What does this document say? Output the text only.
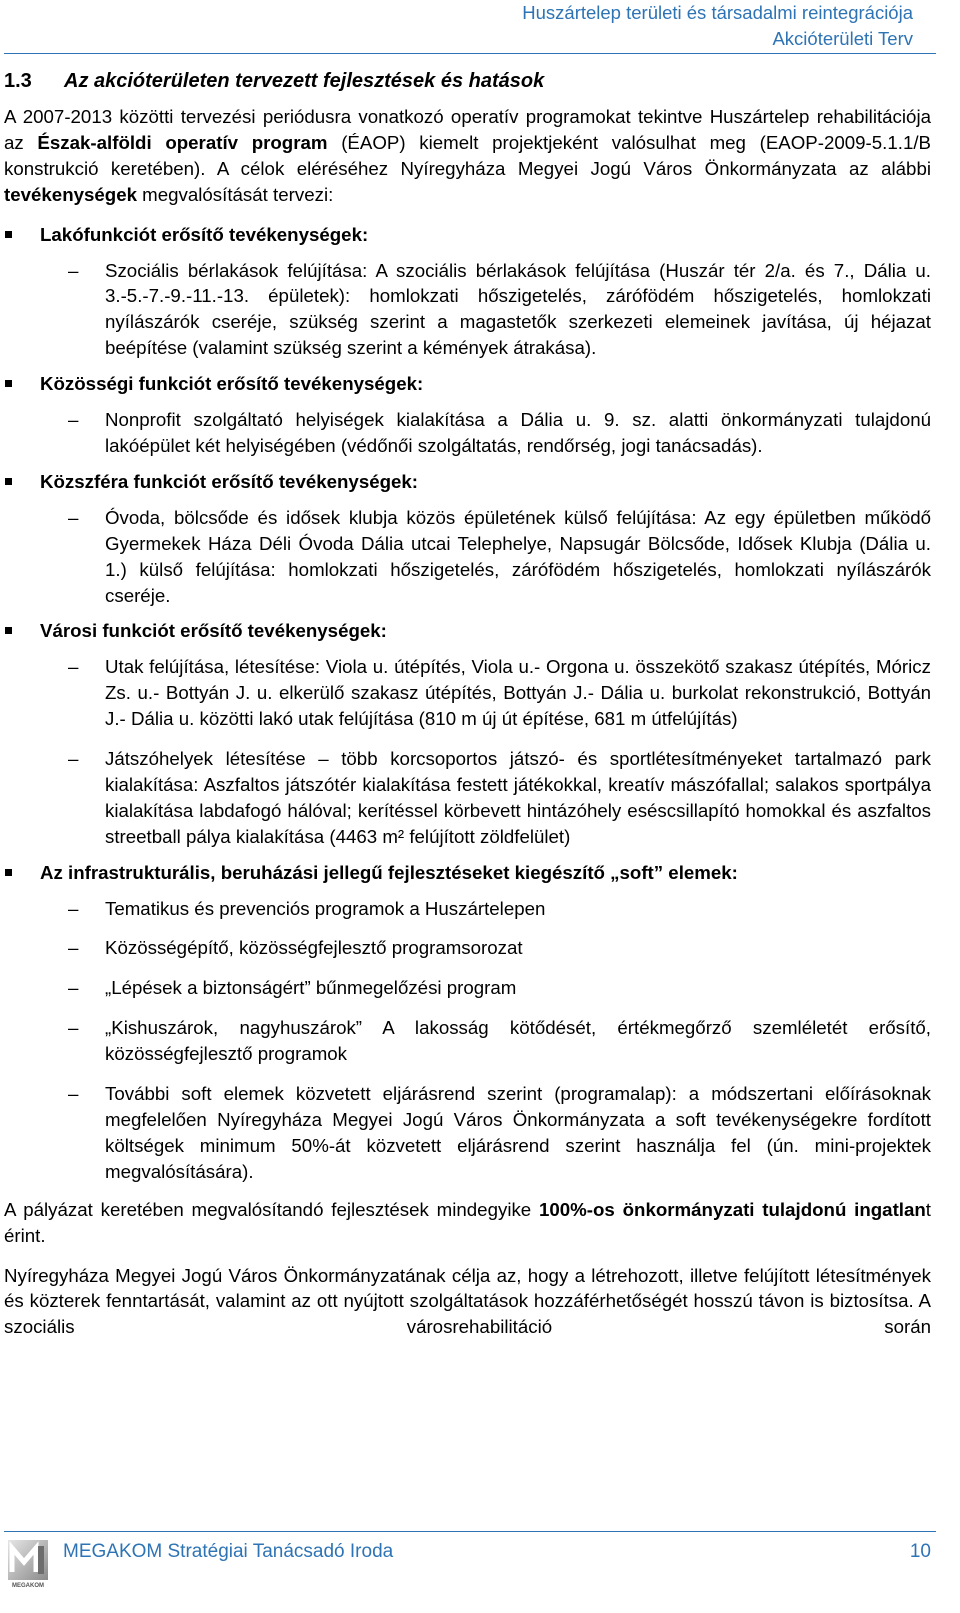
Huszártelep területi és társadalmi reintegrációja
Akcióterületi Terv
1.3 Az akcióterületen tervezett fejlesztések és hatások

A 2007-2013 közötti tervezési periódusra vonatkozó operatív programokat tekintve Huszártelep rehabilitációja az Észak-alföldi operatív program (ÉAOP) kiemelt projektjeként valósulhat meg (EAOP-2009-5.1.1/B konstrukció keretében). A célok eléréséhez Nyíregyháza Megyei Jogú Város Önkormányzata az alábbi tevékenységek megvalósítását tervezi:

Lakófunkciót erősítő tevékenységek:
– Szociális bérlakások felújítása: A szociális bérlakások felújítása (Huszár tér 2/a. és 7., Dália u. 3.-5.-7.-9.-11.-13. épületek): homlokzati hőszigetelés, zárófödém hőszigetelés, homlokzati nyílászárók cseréje, szükség szerint a magastetők szerkezeti elemeinek javítása, új héjazat beépítése (valamint szükség szerint a kémények átrakása).
Közösségi funkciót erősítő tevékenységek:
– Nonprofit szolgáltató helyiségek kialakítása a Dália u. 9. sz. alatti önkormányzati tulajdonú lakóépület két helyiségében (védőnői szolgáltatás, rendőrség, jogi tanácsadás).
Közszféra funkciót erősítő tevékenységek:
– Óvoda, bölcsőde és idősek klubja közös épületének külső felújítása: Az egy épületben működő Gyermekek Háza Déli Óvoda Dália utcai Telephelye, Napsugár Bölcsőde, Idősek Klubja (Dália u. 1.) külső felújítása: homlokzati hőszigetelés, zárófödém hőszigetelés, homlokzati nyílászárók cseréje.
Városi funkciót erősítő tevékenységek:
– Utak felújítása, létesítése: Viola u. útépítés, Viola u.- Orgona u. összekötő szakasz útépítés, Móricz Zs. u.- Bottyán J. u. elkerülő szakasz útépítés, Bottyán J.- Dália u. burkolat rekonstrukció, Bottyán J.- Dália u. közötti lakó utak felújítása (810 m új út építése, 681 m útfelújítás)
– Játszóhelyek létesítése – több korcsoportos játszó- és sportlétesítményeket tartalmazó park kialakítása: Aszfaltos játszótér kialakítása festett játékokkal, kreatív mászófallal; salakos sportpálya kialakítása labdafogó hálóval; kerítéssel körbevett hintázóhely eséscsillapító homokkal és aszfaltos streetball pálya kialakítása (4463 m² felújított zöldfelület)
Az infrastrukturális, beruházási jellegű fejlesztéseket kiegészítő „soft” elemek:
– Tematikus és prevenciós programok a Huszártelepen
– Közösségépítő, közösségfejlesztő programsorozat
– „Lépések a biztonságért” bűnmegelőzési program
– „Kishuszárok, nagyhuszárok” A lakosság kötődését, értékmegőrző szemléletét erősítő, közösségfejlesztő programok
– További soft elemek közvetett eljárásrend szerint (programalap): a módszertani előírásoknak megfelelően Nyíregyháza Megyei Jogú Város Önkormányzata a soft tevékenységekre fordított költségek minimum 50%-át közvetett eljárásrend szerint használja fel (ún. mini-projektek megvalósítására).

A pályázat keretében megvalósítandó fejlesztések mindegyike 100%-os önkormányzati tulajdonú ingatlant érint.

Nyíregyháza Megyei Jogú Város Önkormányzatának célja az, hogy a létrehozott, illetve felújított létesítmények és közterek fenntartását, valamint az ott nyújtott szolgáltatások hozzáférhetőségét hosszú távon is biztosítsa. A szociális városrehabilitáció során

MEGAKOM
MEGAKOM Stratégiai Tanácsadó Iroda	10
